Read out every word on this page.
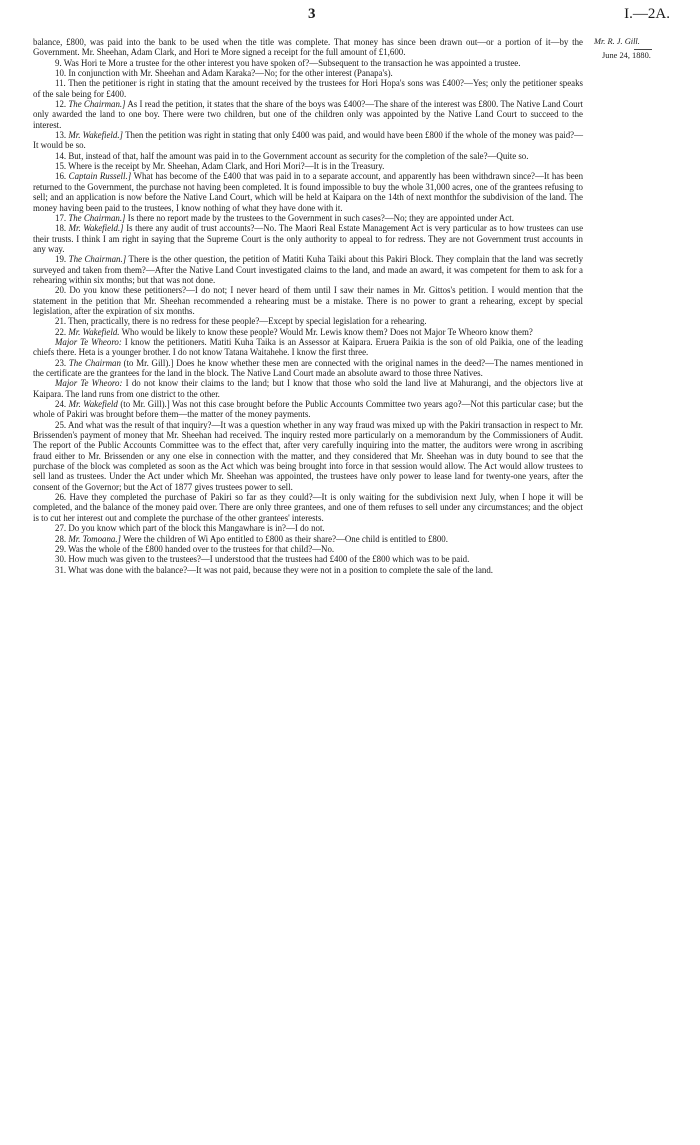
3	I.—2A.
Mr. R. J. Gill.
June 24, 1880.

balance, £800, was paid into the bank to be used when the title was complete. That money has since been drawn out—or a portion of it—by the Government. Mr. Sheehan, Adam Clark, and Hori te More signed a receipt for the full amount of £1,600.

9. Was Hori te More a trustee for the other interest you have spoken of?—Subsequent to the transaction he was appointed a trustee.

10. In conjunction with Mr. Sheehan and Adam Karaka?—No; for the other interest (Panapa's).

11. Then the petitioner is right in stating that the amount received by the trustees for Hori Hopa's sons was £400?—Yes; only the petitioner speaks of the sale being for £400.

12. The Chairman.] As I read the petition, it states that the share of the boys was £400?—The share of the interest was £800. The Native Land Court only awarded the land to one boy. There were two children, but one of the children only was appointed by the Native Land Court to succeed to the interest.

13. Mr. Wakefield.] Then the petition was right in stating that only £400 was paid, and would have been £800 if the whole of the money was paid?—It would be so.

14. But, instead of that, half the amount was paid in to the Government account as security for the completion of the sale?—Quite so.

15. Where is the receipt by Mr. Sheehan, Adam Clark, and Hori Mori?—It is in the Treasury.

16. Captain Russell.] What has become of the £400 that was paid in to a separate account, and apparently has been withdrawn since?—It has been returned to the Government, the purchase not having been completed. It is found impossible to buy the whole 31,000 acres, one of the grantees refusing to sell; and an application is now before the Native Land Court, which will be held at Kaipara on the 14th of next monthfor the subdivision of the land. The money having been paid to the trustees, I know nothing of what they have done with it.

17. The Chairman.] Is there no report made by the trustees to the Government in such cases?—No; they are appointed under Act.

18. Mr. Wakefield.] Is there any audit of trust accounts?—No. The Maori Real Estate Management Act is very particular as to how trustees can use their trusts. I think I am right in saying that the Supreme Court is the only authority to appeal to for redress. They are not Government trust accounts in any way.

19. The Chairman.] There is the other question, the petition of Matiti Kuha Taiki about this Pakiri Block. They complain that the land was secretly surveyed and taken from them?—After the Native Land Court investigated claims to the land, and made an award, it was competent for them to ask for a rehearing within six months; but that was not done.

20. Do you know these petitioners?—I do not; I never heard of them until I saw their names in Mr. Gittos's petition. I would mention that the statement in the petition that Mr. Sheehan recommended a rehearing must be a mistake. There is no power to grant a rehearing, except by special legislation, after the expiration of six months.

21. Then, practically, there is no redress for these people?—Except by special legislation for a rehearing.

22. Mr. Wakefield. Who would be likely to know these people? Would Mr. Lewis know them? Does not Major Te Wheoro know them?

Major Te Wheoro: I know the petitioners. Matiti Kuha Taika is an Assessor at Kaipara. Eruera Paikia is the son of old Paikia, one of the leading chiefs there. Heta is a younger brother. I do not know Tatana Waitahehe. I know the first three.

23. The Chairman (to Mr. Gill).] Does he know whether these men are connected with the original names in the deed?—The names mentioned in the certificate are the grantees for the land in the block. The Native Land Court made an absolute award to those three Natives.

Major Te Wheoro: I do not know their claims to the land; but I know that those who sold the land live at Mahurangi, and the objectors live at Kaipara. The land runs from one district to the other.

24. Mr. Wakefield (to Mr. Gill).] Was not this case brought before the Public Accounts Committee two years ago?—Not this particular case; but the whole of Pakiri was brought before them—the matter of the money payments.

25. And what was the result of that inquiry?—It was a question whether in any way fraud was mixed up with the Pakiri transaction in respect to Mr. Brissenden's payment of money that Mr. Sheehan had received. The inquiry rested more particularly on a memorandum by the Commissioners of Audit. The report of the Public Accounts Committee was to the effect that, after very carefully inquiring into the matter, the auditors were wrong in ascribing fraud either to Mr. Brissenden or any one else in connection with the matter, and they considered that Mr. Sheehan was in duty bound to see that the purchase of the block was completed as soon as the Act which was being brought into force in that session would allow. The Act would allow trustees to sell land as trustees. Under the Act under which Mr. Sheehan was appointed, the trustees have only power to lease land for twenty-one years, after the consent of the Governor; but the Act of 1877 gives trustees power to sell.

26. Have they completed the purchase of Pakiri so far as they could?—It is only waiting for the subdivision next July, when I hope it will be completed, and the balance of the money paid over. There are only three grantees, and one of them refuses to sell under any circumstances; and the object is to cut her interest out and complete the purchase of the other grantees' interests.

27. Do you know which part of the block this Mangawhare is in?—I do not.

28. Mr. Tomoana.] Were the children of Wi Apo entitled to £800 as their share?—One child is entitled to £800.

29. Was the whole of the £800 handed over to the trustees for that child?—No.

30. How much was given to the trustees?—I understood that the trustees had £400 of the £800 which was to be paid.

31. What was done with the balance?—It was not paid, because they were not in a position to complete the sale of the land.
